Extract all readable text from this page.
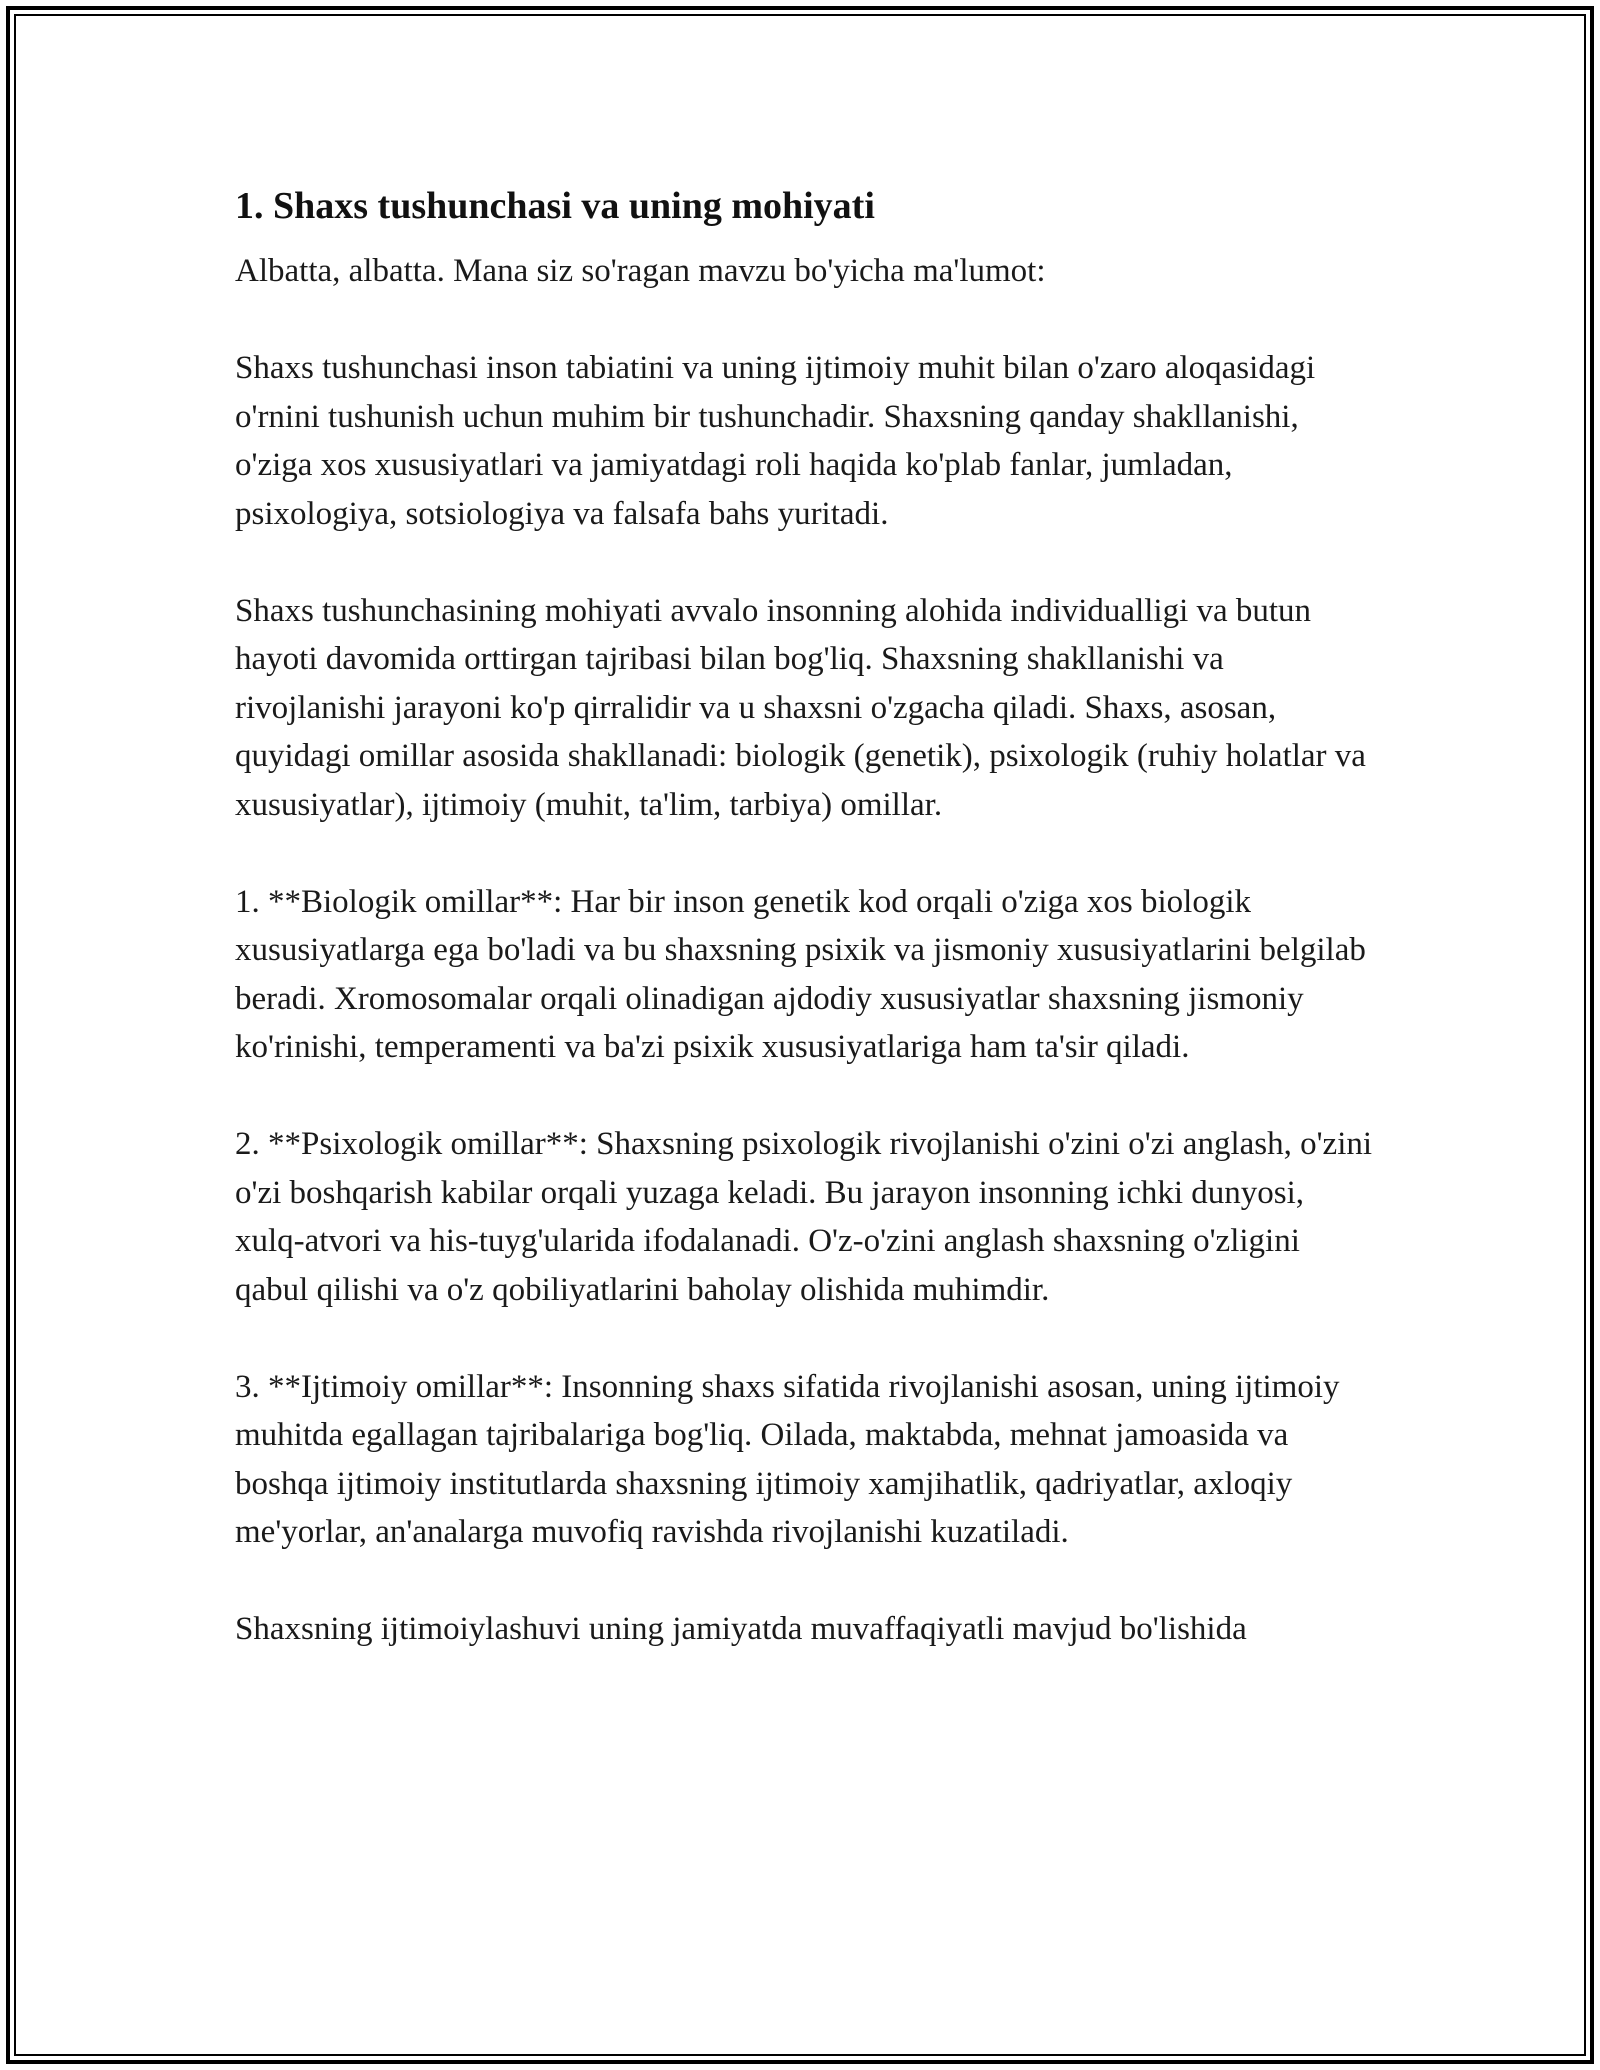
1. Shaxs tushunchasi va uning mohiyati

Albatta, albatta. Mana siz so'ragan mavzu bo'yicha ma'lumot:

Shaxs tushunchasi inson tabiatini va uning ijtimoiy muhit bilan o'zaro aloqasidagi o'rnini tushunish uchun muhim bir tushunchadir. Shaxsning qanday shakllanishi, o'ziga xos xususiyatlari va jamiyatdagi roli haqida ko'plab fanlar, jumladan, psixologiya, sotsiologiya va falsafa bahs yuritadi.

Shaxs tushunchasining mohiyati avvalo insonning alohida individualligi va butun hayoti davomida orttirgan tajribasi bilan bog'liq. Shaxsning shakllanishi va rivojlanishi jarayoni ko'p qirralidir va u shaxsni o'zgacha qiladi. Shaxs, asosan, quyidagi omillar asosida shakllanadi: biologik (genetik), psixologik (ruhiy holatlar va xususiyatlar), ijtimoiy (muhit, ta'lim, tarbiya) omillar.

1. **Biologik omillar**: Har bir inson genetik kod orqali o'ziga xos biologik xususiyatlarga ega bo'ladi va bu shaxsning psixik va jismoniy xususiyatlarini belgilab beradi. Xromosomalar orqali olinadigan ajdodiy xususiyatlar shaxsning jismoniy ko'rinishi, temperamenti va ba'zi psixik xususiyatlariga ham ta'sir qiladi.

2. **Psixologik omillar**: Shaxsning psixologik rivojlanishi o'zini o'zi anglash, o'zini o'zi boshqarish kabilar orqali yuzaga keladi. Bu jarayon insonning ichki dunyosi, xulq-atvori va his-tuyg'ularida ifodalanadi. O'z-o'zini anglash shaxsning o'zligini qabul qilishi va o'z qobiliyatlarini baholay olishida muhimdir.

3. **Ijtimoiy omillar**: Insonning shaxs sifatida rivojlanishi asosan, uning ijtimoiy muhitda egallagan tajribalariga bog'liq. Oilada, maktabda, mehnat jamoasida va boshqa ijtimoiy institutlarda shaxsning ijtimoiy xamjihatlik, qadriyatlar, axloqiy me'yorlar, an'analarga muvofiq ravishda rivojlanishi kuzatiladi.

Shaxsning ijtimoiylashuvi uning jamiyatda muvaffaqiyatli mavjud bo'lishida
